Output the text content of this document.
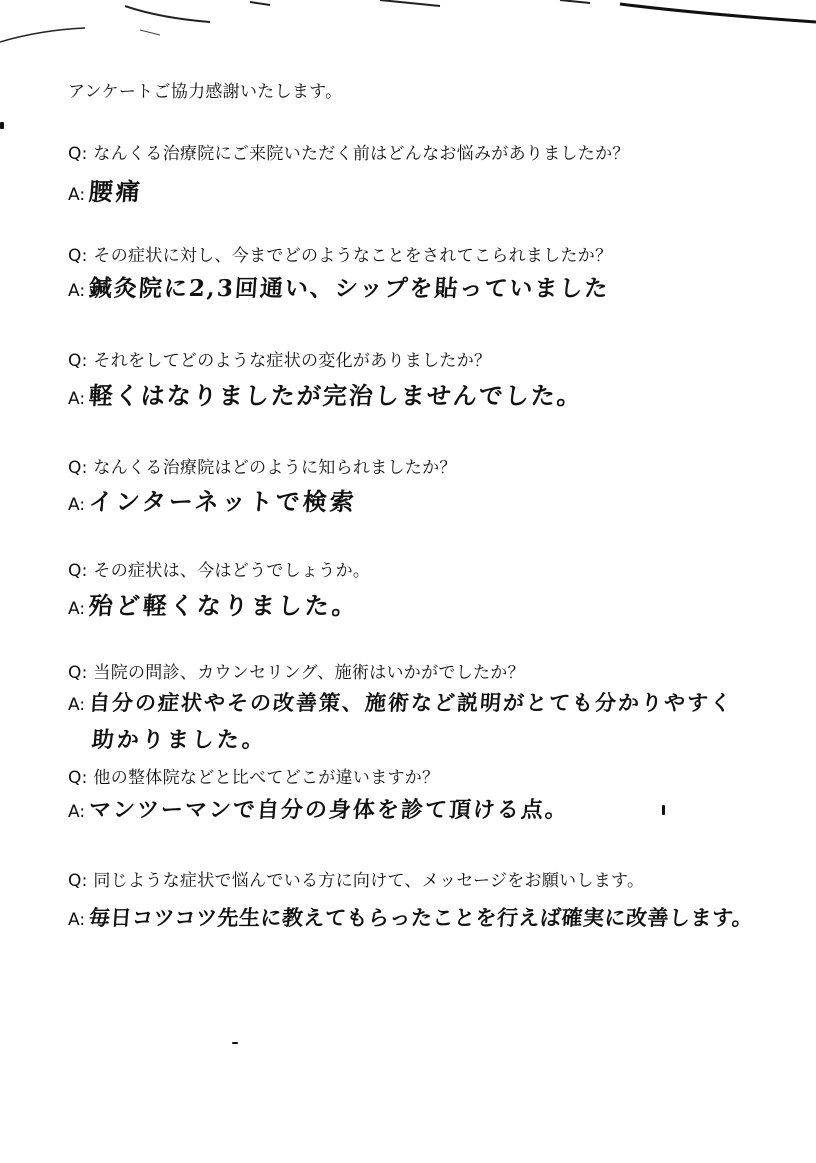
アンケートご協力感謝いたします。
Q: なんくる治療院にご来院いただく前はどんなお悩みがありましたか？
A: 腰痛
Q: その症状に対し、今までどのようなことをされてこられましたか？
A: 鍼灸院に2,3回通い、シップを貼っていました
Q: それをしてどのような症状の変化がありましたか？
A: 軽くはなりましたが完治しませんでした。
Q: なんくる治療院はどのように知られましたか？
A: インターネットで検索
Q: その症状は、今はどうでしょうか。
A: 殆ど軽くなりました。
Q: 当院の問診、カウンセリング、施術はいかがでしたか？
A: 自分の症状やその改善策、施術など説明がとても分かりやすく
助かりました。
Q: 他の整体院などと比べてどこが違いますか？
A: マンツーマンで自分の身体を診て頂ける点。
Q: 同じような症状で悩んでいる方に向けて、メッセージをお願いします。
A: 毎日コツコツ先生に教えてもらったことを行えば確実に改善します。
